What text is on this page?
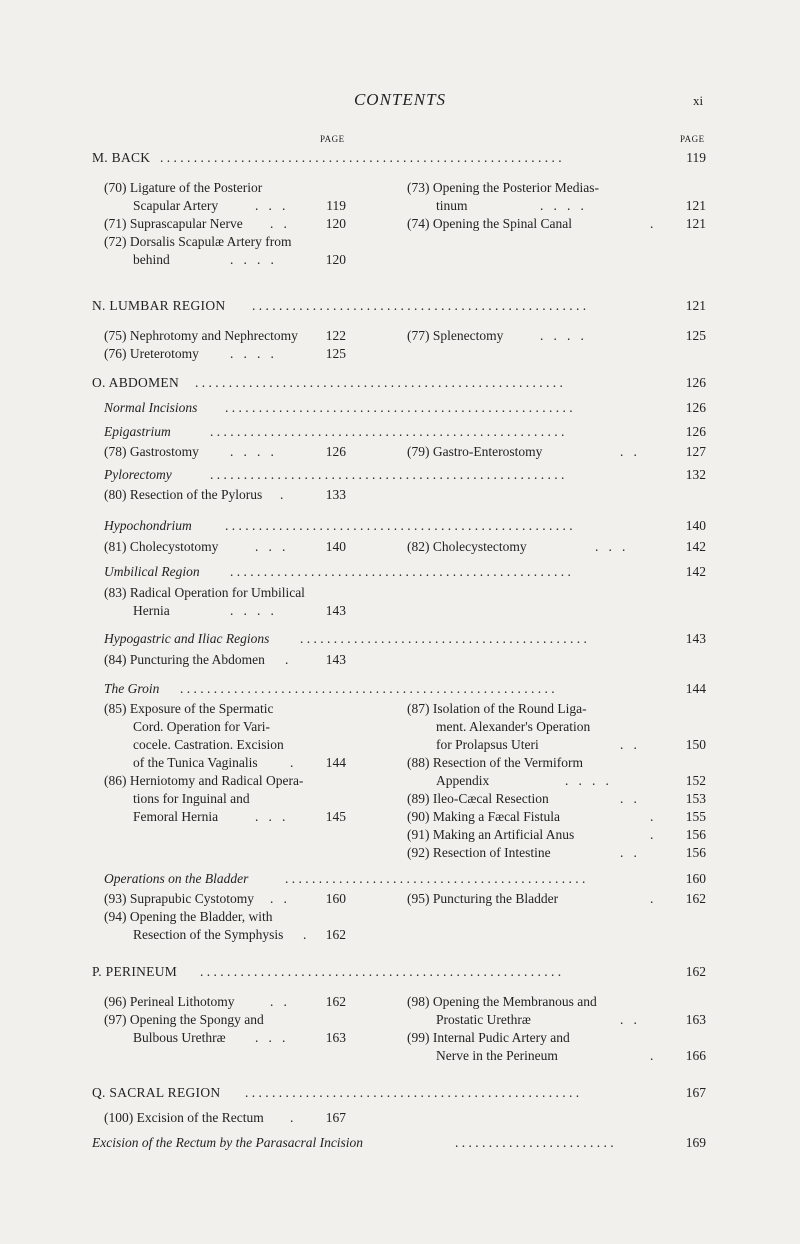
CONTENTS	xi
PAGE	PAGE
M. BACK . . . . . . . . . . . . . . . . . . . . . . . . . . . . . . . . . . . . . . . . . . . . . . . . . . . . . . . . . . . .	119
(70) Ligature of the Posterior
Scapular Artery	.   .   .	119
(71) Suprascapular Nerve .   .	120
(72) Dorsalis Scapulæ Artery from
behind	.   .   .   .	120
(73) Opening the Posterior Medias-
tinum	.   .   .   .	121
(74) Opening the Spinal Canal	.	121
N. LUMBAR REGION . . . . . . . . . . . . . . . . . . . . . . . . . . . . . . . . . . . . . . . . . . . . . . . . . .	121
(75) Nephrotomy and Nephrectomy	122
(76) Ureterotomy .   .   .   .	125
(77) Splenectomy	.   .   .   .	125
O. ABDOMEN . . . . . . . . . . . . . . . . . . . . . . . . . . . . . . . . . . . . . . . . . . . . . . . . . . . . . . .	126
Normal Incisions . . . . . . . . . . . . . . . . . . . . . . . . . . . . . . . . . . . . . . . . . . . . . . . . . . . .	126
Epigastrium	. . . . . . . . . . . . . . . . . . . . . . . . . . . . . . . . . . . . . . . . . . . . . . . . . . . . .	126
(78) Gastrostomy .   .   .   .	126	(79) Gastro-Enterostomy	.   .	127
Pylorectomy	. . . . . . . . . . . . . . . . . . . . . . . . . . . . . . . . . . . . . . . . . . . . . . . . . . . . .	132
(80) Resection of the Pylorus .	133
Hypochondrium . . . . . . . . . . . . . . . . . . . . . . . . . . . . . . . . . . . . . . . . . . . . . . . . . . . .	140
(81) Cholecystotomy	.   .   .	140	(82) Cholecystectomy	.   .   .	142
Umbilical Region . . . . . . . . . . . . . . . . . . . . . . . . . . . . . . . . . . . . . . . . . . . . . . . . . . .	142
(83) Radical Operation for Umbilical
Hernia	.   .   .   .	143
Hypogastric and Iliac Regions . . . . . . . . . . . . . . . . . . . . . . . . . . . . . . . . . . . . . . . . . . .	143
(84) Puncturing the Abdomen .	143
The Groin . . . . . . . . . . . . . . . . . . . . . . . . . . . . . . . . . . . . . . . . . . . . . . . . . . . . . . . .	144
(85) Exposure of the Spermatic
Cord. Operation for Vari-
cocele. Castration. Excision
of the Tunica Vaginalis .	144
(86) Herniotomy and Radical Opera-
tions for Inguinal and
Femoral Hernia	.   .   .	145
(87) Isolation of the Round Liga-
ment. Alexander's Operation
for Prolapsus Uteri	.   .	150
(88) Resection of the Vermiform
Appendix	.   .   .   .	152
(89) Ileo-Cæcal Resection	.   .	153
(90) Making a Fæcal Fistula	.	155
(91) Making an Artificial Anus	.	156
(92) Resection of Intestine	.   .	156
Operations on the Bladder	. . . . . . . . . . . . . . . . . . . . . . . . . . . . . . . . . . . . . . . . . . . . .	160
(93) Suprapubic Cystotomy .   .	160
(94) Opening the Bladder, with
Resection of the Symphysis .	162
(95) Puncturing the Bladder	.	162
P. PERINEUM . . . . . . . . . . . . . . . . . . . . . . . . . . . . . . . . . . . . . . . . . . . . . . . . . . . . . .	162
(96) Perineal Lithotomy	.   .	162
(97) Opening the Spongy and
Bulbous Urethræ .   .   .	163
(98) Opening the Membranous and
Prostatic Urethræ	.   .	163
(99) Internal Pudic Artery and
Nerve in the Perineum	.	166
Q. SACRAL REGION . . . . . . . . . . . . . . . . . . . . . . . . . . . . . . . . . . . . . . . . . . . . . . . . . .	167
(100) Excision of the Rectum .	167
Excision of the Rectum by the Parasacral Incision	. . . . . . . . . . . . . . . . . . . . . . . .	169
